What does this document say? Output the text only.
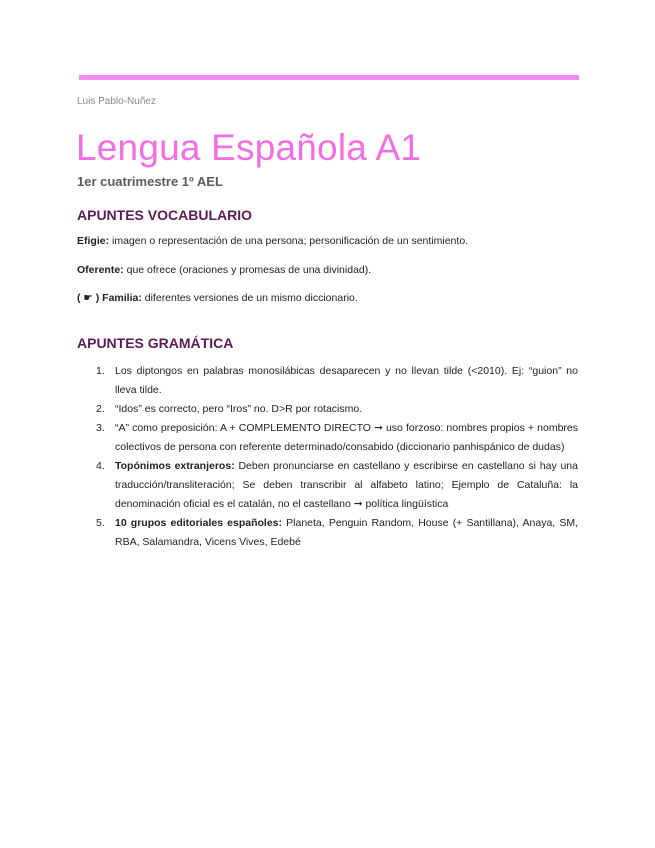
Luis Pablo-Nuñez
Lengua Española A1
1er cuatrimestre 1º AEL
APUNTES VOCABULARIO

Efigie: imagen o representación de una persona; personificación de un sentimiento.

Oferente: que ofrece (oraciones y promesas de una divinidad).

( ☛ ) Familia: diferentes versiones de un mismo diccionario.

APUNTES GRAMÁTICA
1. Los diptongos en palabras monosilábicas desaparecen y no llevan tilde (<2010). Ej: “guion” no lleva tilde.
2. “Idos” es correcto, pero “Iros” no. D>R por rotacismo.
3. “A” como preposición: A + COMPLEMENTO DIRECTO ➞ uso forzoso: nombres propios + nombres colectivos de persona con referente determinado/consabido (diccionario panhispánico de dudas)
4. Topónimos extranjeros: Deben pronunciarse en castellano y escribirse en castellano si hay una traducción/transliteración; Se deben transcribir al alfabeto latino; Ejemplo de Cataluña: la denominación oficial es el catalán, no el castellano ➞ política lingüística
5. 10 grupos editoriales españoles: Planeta, Penguin Random, House (+ Santillana), Anaya, SM, RBA, Salamandra, Vicens Vives, Edebé
